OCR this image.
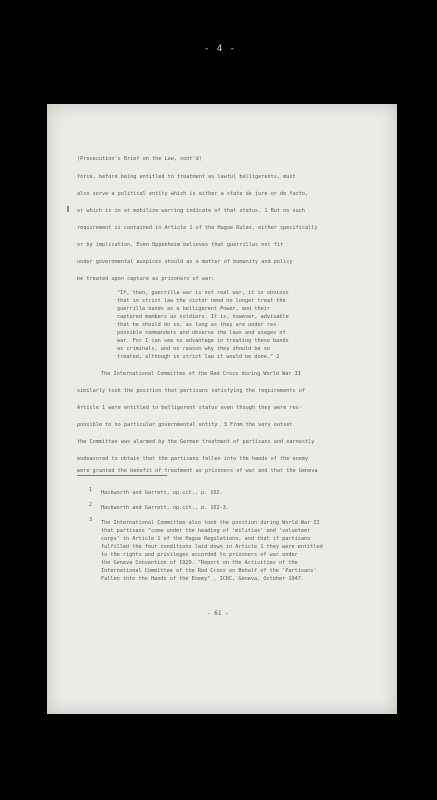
- 4 -
(Prosecution's Brief on the Law, cont'd)
force, before being entitled to treatment as lawful belligerents, must
also serve a political entity which is either a state de jure or de facto,
or which is in at mobilize warring indicate of that status. 1 But no such
requirement is contained in Article 1 of the Hague Rules, either specifically
or by implication. Even Oppenheim believes that guerrillas not fit
under governmental auspices should as a matter of humanity and policy
be treated upon capture as prisoners of war:
"If, then, guerrilla war is not real war, it is obvious
that in strict law the victor need no longer treat the
guerrilla bands as a belligerent Power, and their
captured members as soldiers. It is, however, advisable
that he should do so, as long as they are under res-
ponsible commanders and observe the laws and usages of
war. For I can see no advantage in treating these bands
as criminals, and no reason why they should be so
treated, although in strict law it would be done." 2
The International Committee of the Red Cross during World War II
similarly took the position that partisans satisfying the requirements of
Article 1 were entitled to belligerent status even though they were res-
ponsible to no particular governmental entity. 3 From the very outset
the Committee was alarmed by the German treatment of partisans and earnestly
endeavored to obtain that the partisans fallen into the hands of the enemy
were granted the benefit of treatment as prisoners of war and that the Geneva
1 Hackworth and Garrett, op.cit., p. 102.
2 Hackworth and Garrett, op.cit., p. 102-3.
3 The International Committee also took the position during World War II
that partisans "come under the heading of 'militias' and 'volunteer
corps' in Article 1 of the Hague Regulations, and that if partisans
fulfilled the four conditions laid down in Article 1 they were entitled
to the rights and privileges accorded to prisoners of war under
the Geneva Convention of 1929. "Report on the Activities of the
International Committee of the Red Cross on Behalf of the 'Partisans'
Fallen into the Hands of the Enemy" , ICRC, Geneva, October 1947.
- 61 -
